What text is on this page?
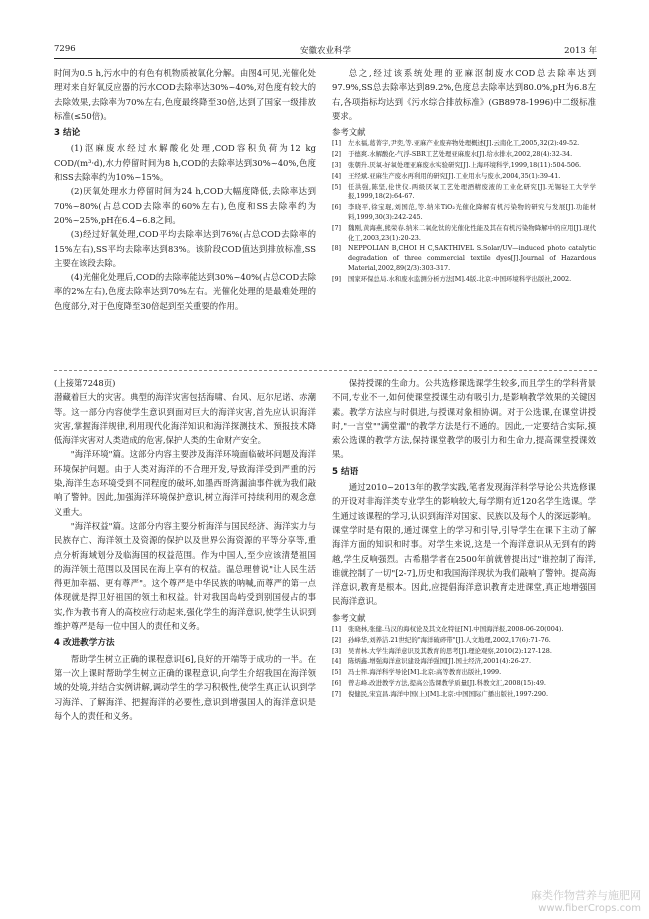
7296	安徽农业科学	2013 年

时间为0.5 h,污水中的有色有机物质被氧化分解。由图4可见,光催化处理对来自好氧反应器的污水COD去除率达30%~40%,对色度有较大的去除效果,去除率为70%左右,色度最终降至30倍,达到了国家一级排放标准(≤50倍)。

3 结论

(1)沤麻废水经过水解酸化处理,COD容积负荷为12 kg COD/(m³·d),水力停留时间为8 h,COD的去除率达到30%~40%,色度和SS去除率约为10%~15%。

(2)厌氧处理水力停留时间为24 h,COD大幅度降低,去除率达到70%~80%(占总COD去除率的60%左右),色度和SS去除率约为20%~25%,pH在6.4~6.8之间。

(3)经过好氧处理,COD平均去除率达到76%(占总COD去除率的15%左右),SS平均去除率达到83%。该阶段COD值达到排放标准,SS主要在该段去除。

(4)光催化处理后,COD的去除率能达到30%~40%(占总COD去除率的2%左右),色度去除率达到70%左右。光催化处理的是最难处理的色度部分,对于色度降至30倍起到至关重要的作用。

总之,经过该系统处理的亚麻沤制废水COD总去除率达到97.9%,SS总去除率达到89.2%,色度总去除率达到80.0%,pH为6.8左右,各项指标均达到《污水综合排放标准》(GB8978-1996)中二级标准要求。

参考文献

[1]	左永福,葛菁宇,尹奕,等.亚麻产业废弃物处理概述[J].云南化工,2005,32(2):49-52.
[2]	于德爽.水解酸化-气浮-SBR工艺处理亚麻废水[J].给水排水,2002,28(4):32-34.
[3]	张朝升.厌氧-好氧处理亚麻废水实验研究[J].上海环境科学,1999,18(11):504-506.
[4]	王经斌.亚麻生产废水再利用的研究[J].工业用水与废水,2004,35(1):39-41.
[5]	任洪强,陈坚,伦世仪.两级厌氧工艺处理酒精废液的工业化研究[J].无锡轻工大学学报,1999,18(2):64-67.
[6]	李晓平,徐宝琨,刘国范,等.纳米TiO₂光催化降解有机污染物的研究与发展[J].功能材料,1999,30(3):242-245.
[7]	魏刚,黄海燕,熊荣春.纳米二氧化钛的光催化性能及其在有机污染物降解中的应用[J].现代化工,2003,23(1):20-23.
[8]	NEPPOLIAN B,CHOI H C,SAKTHIVEL S.Solar/UV—induced photo catalytic degradation of three commercial textile dyes[J].Journal of Hazardous Material,2002,89(2/3):303-317.
[9]	国家环保总局.水和废水监测分析方法[M].4版.北京:中国环境科学出版社,2002.

(上接第7248页)

潜藏着巨大的灾害。典型的海洋灾害包括海啸、台风、厄尔尼诺、赤潮等。这一部分内容使学生意识到面对巨大的海洋灾害,首先应认识海洋灾害,掌握海洋规律,利用现代化海洋知识和海洋探测技术、预报技术降低海洋灾害对人类造成的危害,保护人类的生命财产安全。

"海洋环境"篇。这部分内容主要涉及海洋环境面临破坏问题及海洋环境保护问题。由于人类对海洋的不合理开发,导致海洋受到严重的污染,海洋生态环境受到不同程度的破坏,如墨西哥湾漏油事件就为我们敲响了警钟。因此,加强海洋环境保护意识,树立海洋可持续利用的观念意义重大。

"海洋权益"篇。这部分内容主要分析海洋与国民经济、海洋实力与民族存亡、海洋领土及资源的保护以及世界公海资源的平等分享等,重点分析海域划分及临海国的权益范围。作为中国人,至少应该清楚祖国的海洋领土范围以及国民在海上享有的权益。温总理曾说"让人民生活得更加幸福、更有尊严"。这个尊严是中华民族的呐喊,而尊严的第一点体现就是捍卫好祖国的领土和权益。针对我国岛屿受到别国侵占的事实,作为教书育人的高校应行动起来,强化学生的海洋意识,使学生认识到维护尊严是每一位中国人的责任和义务。

4 改进教学方法

帮助学生树立正确的课程意识[6],良好的开端等于成功的一半。在第一次上课时帮助学生树立正确的课程意识,向学生介绍我国在海洋领域的处境,并结合实例讲解,调动学生的学习积极性,使学生真正认识到学习海洋、了解海洋、把握海洋的必要性,意识到增强国人的海洋意识是每个人的责任和义务。

保持授课的生命力。公共选修课选课学生较多,而且学生的学科背景不同,专业不一,如何使课堂授课生动有吸引力,是影响教学效果的关键因素。教学方法应与时俱进,与授课对象相协调。对于公选课,在课堂讲授时,"一言堂""满堂灌"的教学方法是行不通的。因此,一定要结合实际,摸索公选课的教学方法,保持课堂教学的吸引力和生命力,提高课堂授课效果。

5 结语

通过2010~2013年的教学实践,笔者发现海洋科学导论公共选修课的开设对非海洋类专业学生的影响较大,每学期有近120名学生选课。学生通过该课程的学习,认识到海洋对国家、民族以及每个人的深远影响。课堂学时是有限的,通过课堂上的学习和引导,引导学生在课下主动了解海洋方面的知识和时事。对学生来说,这是一个海洋意识从无到有的跨越,学生反响强烈。古希腊学者在2500年前就曾提出过"谁控制了海洋,谁就控制了一切"[2-7],历史和我国海洋现状为我们敲响了警钟。提高海洋意识,教育是根本。因此,应提倡海洋意识教育走进课堂,真正地增强国民海洋意识。

参考文献

[1]	张晓林,张健.马汉的海权论及其文化特征[N].中国海洋报,2008-06-20(004).
[2]	孙峰华,刘养洁.21世纪的"海洋破碎带"[J].人文地理,2002,17(6):71-76.
[3]	吴青林.大学生海洋意识及其教育的思考[J].理论观察,2010(2):127-128.
[4]	陈炳鑫.增强海洋意识建设海洋强国[J].国土经济,2001(4):26-27.
[5]	冯士筰.海洋科学导论[M].北京:高等教育出版社,1999.
[6]	曾志峰.改进教学方法,提高公选课教学质量[J].科教文汇,2008(15):49.
[7]	倪健民,宋宜昌.海洋中国(上)[M].北京:中国国际广播出版社,1997:290.
麻类作物营养与施肥网
www.fiberCrops.com
